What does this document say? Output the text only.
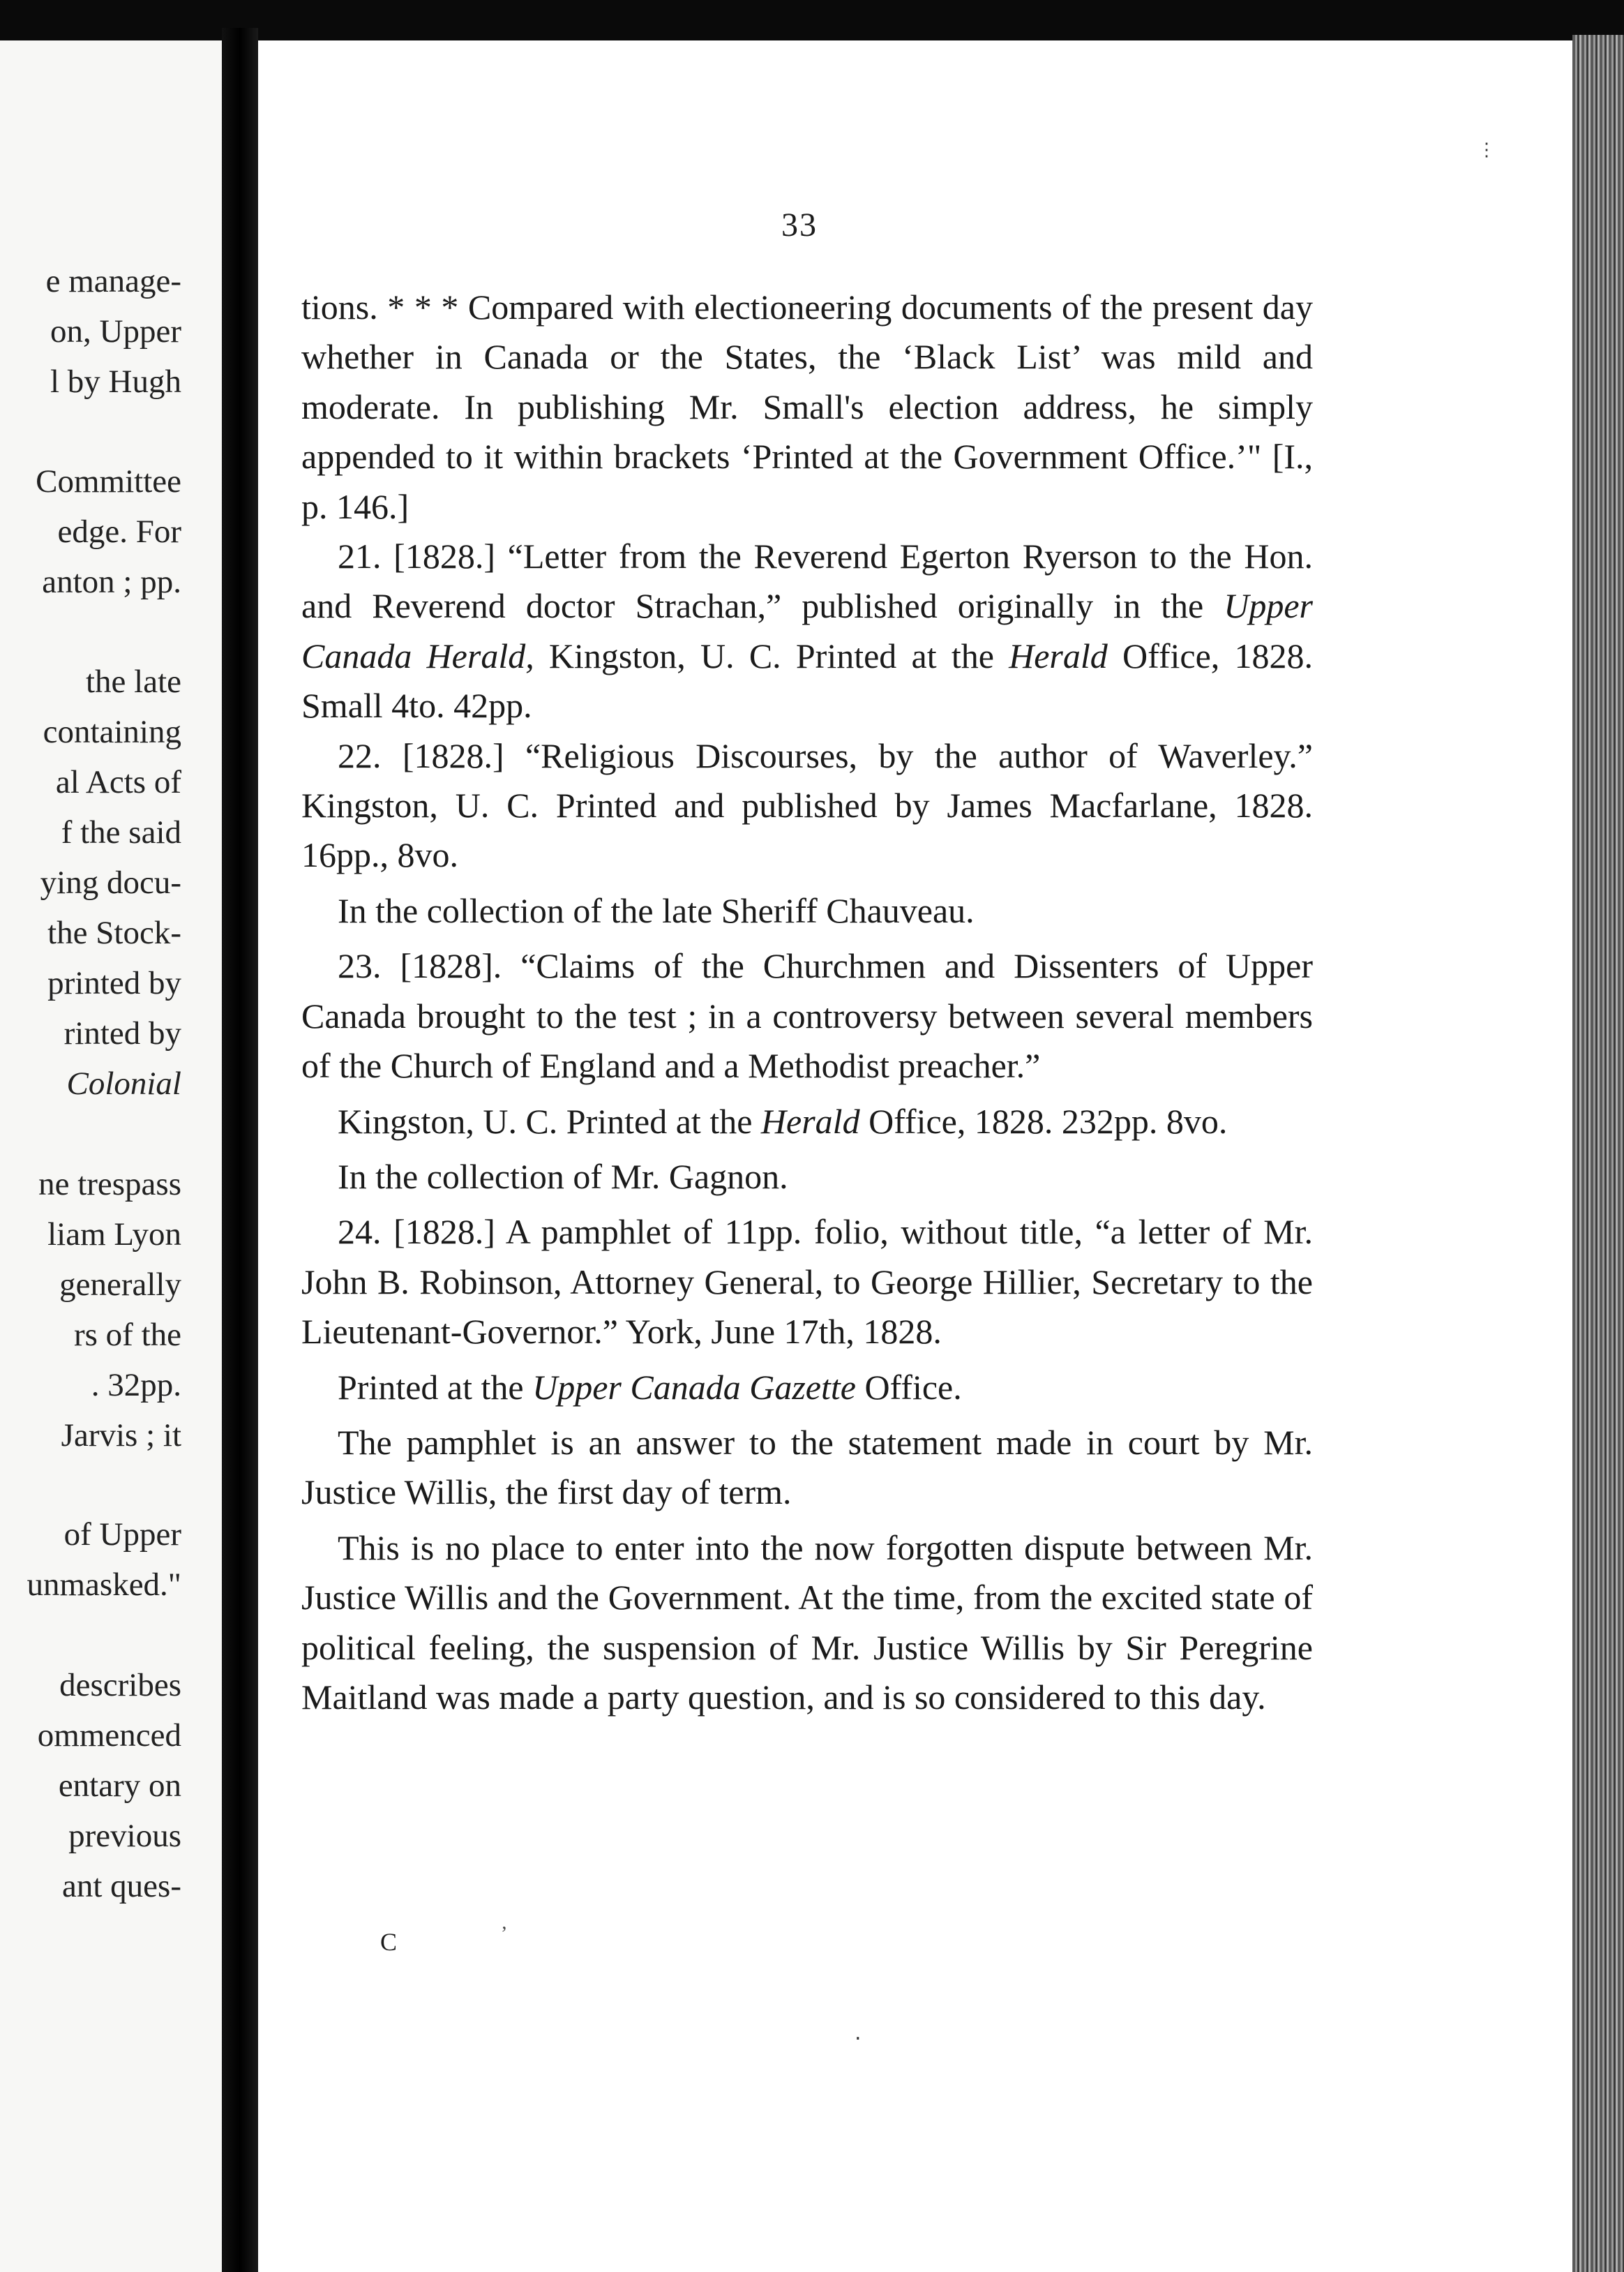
e manage-
on, Upper
l by Hugh
Committee
edge. For
anton ; pp.
the late
containing
al Acts of
f the said
ying docu-
the Stock-
printed by
rinted by
Colonial
ne trespass
liam Lyon
generally
rs of the
. 32pp.
Jarvis ; it
of Upper
unmasked."
describes
ommenced
entary on
previous
ant ques-
33

tions. * * * Compared with electioneering documents of the present day whether in Canada or the States, the ‘Black List’ was mild and moderate. In publishing Mr. Small's election address, he simply appended to it within brackets ‘Printed at the Government Office.’" [I., p. 146.]

21. [1828.] “Letter from the Reverend Egerton Ryerson to the Hon. and Reverend doctor Strachan,” published originally in the Upper Canada Herald, Kingston, U. C. Printed at the Herald Office, 1828. Small 4to. 42pp.

22. [1828.] “Religious Discourses, by the author of Waverley.” Kingston, U. C. Printed and published by James Macfarlane, 1828. 16pp., 8vo.

In the collection of the late Sheriff Chauveau.

23. [1828]. “Claims of the Churchmen and Dissenters of Upper Canada brought to the test ; in a controversy between several members of the Church of England and a Methodist preacher.”

Kingston, U. C. Printed at the Herald Office, 1828. 232pp. 8vo.

In the collection of Mr. Gagnon.

24. [1828.] A pamphlet of 11pp. folio, without title, “a letter of Mr. John B. Robinson, Attorney General, to George Hillier, Secretary to the Lieutenant-Governor.” York, June 17th, 1828.

Printed at the Upper Canada Gazette Office.

The pamphlet is an answer to the statement made in court by Mr. Justice Willis, the first day of term.

This is no place to enter into the now forgotten dispute between Mr. Justice Willis and the Government. At the time, from the excited state of political feeling, the suspension of Mr. Justice Willis by Sir Peregrine Maitland was made a party question, and is so considered to this day.

C	’
‧
⋮
